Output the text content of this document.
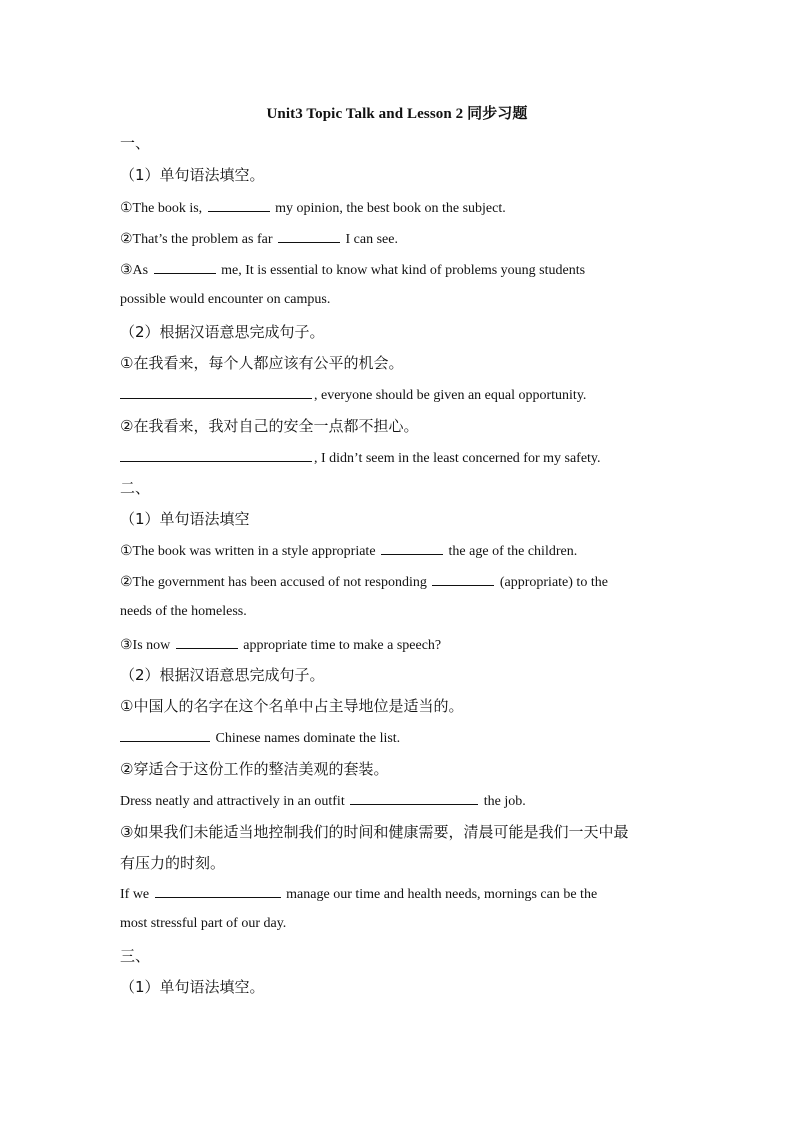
Unit3 Topic Talk and Lesson 2 同步习题
一、
（1）单句语法填空。
①The book is,	my opinion, the best book on the subject.
②That’s the problem as far	I can see.
③As	me, It is essential to know what kind of problems young students
possible would encounter on campus.
（2）根据汉语意思完成句子。
①在我看来，每个人都应该有公平的机会。
, everyone should be given an equal opportunity.
②在我看来，我对自己的安全一点都不担心。
, I didn’t seem in the least concerned for my safety.
二、
（1）单句语法填空
①The book was written in a style appropriate	the age of the children.
②The government has been accused of not responding	(appropriate) to the
needs of the homeless.
③Is now	appropriate time to make a speech?
（2）根据汉语意思完成句子。
①中国人的名字在这个名单中占主导地位是适当的。
Chinese names dominate the list.
②穿适合于这份工作的整洁美观的套装。
Dress neatly and attractively in an outfit	the job.
③如果我们未能适当地控制我们的时间和健康需要，清晨可能是我们一天中最
有压力的时刻。
If we	manage our time and health needs, mornings can be the
most stressful part of our day.
三、
（1）单句语法填空。
